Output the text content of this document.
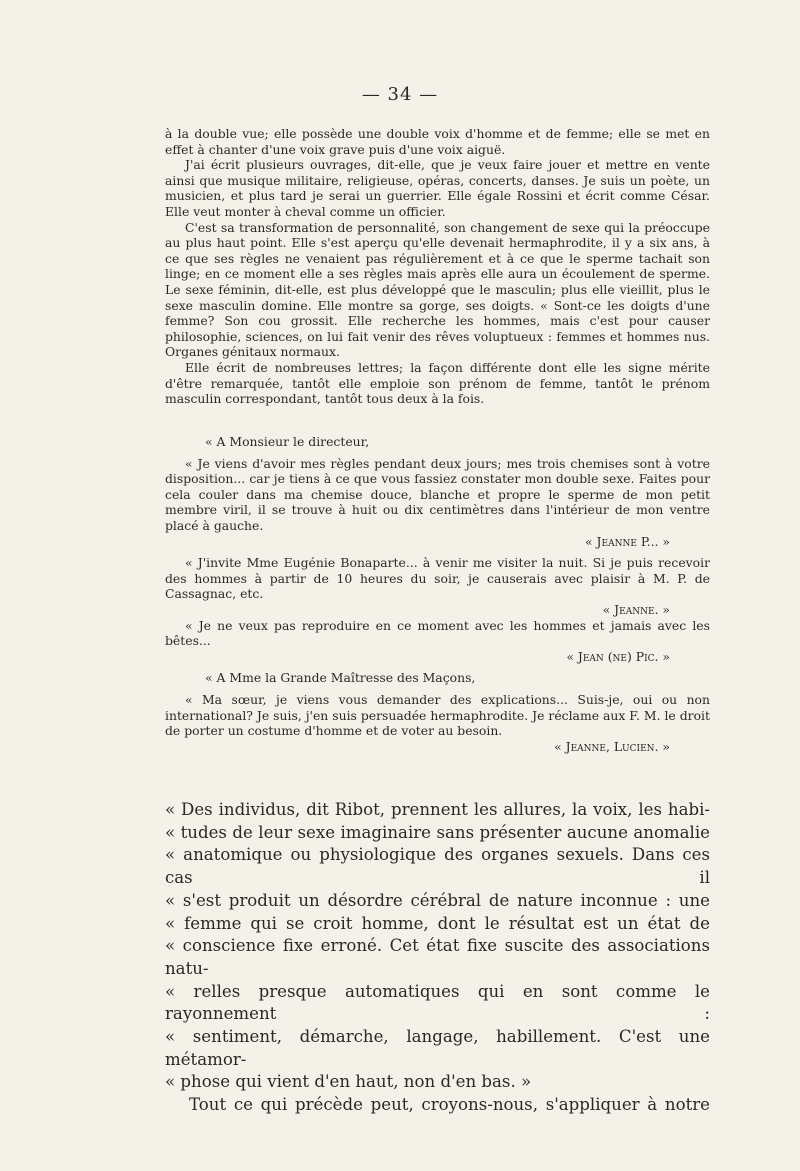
— 34 —

à la double vue; elle possède une double voix d'homme et de femme; elle se met en effet à chanter d'une voix grave puis d'une voix aiguë.

J'ai écrit plusieurs ouvrages, dit-elle, que je veux faire jouer et mettre en vente ainsi que musique militaire, religieuse, opéras, concerts, danses. Je suis un poète, un musicien, et plus tard je serai un guerrier. Elle égale Rossini et écrit comme César. Elle veut monter à cheval comme un officier.

C'est sa transformation de personnalité, son changement de sexe qui la préoccupe au plus haut point. Elle s'est aperçu qu'elle devenait hermaphrodite, il y a six ans, à ce que ses règles ne venaient pas régulièrement et à ce que le sperme tachait son linge; en ce moment elle a ses règles mais après elle aura un écoulement de sperme. Le sexe féminin, dit-elle, est plus développé que le masculin; plus elle vieillit, plus le sexe masculin domine. Elle montre sa gorge, ses doigts. « Sont-ce les doigts d'une femme? Son cou grossit. Elle recherche les hommes, mais c'est pour causer philosophie, sciences, on lui fait venir des rêves voluptueux : femmes et hommes nus. Organes génitaux normaux.

Elle écrit de nombreuses lettres; la façon différente dont elle les signe mérite d'être remarquée, tantôt elle emploie son prénom de femme, tantôt le prénom masculin correspondant, tantôt tous deux à la fois.

« A Monsieur le directeur,

« Je viens d'avoir mes règles pendant deux jours; mes trois chemises sont à votre disposition... car je tiens à ce que vous fassiez constater mon double sexe. Faites pour cela couler dans ma chemise douce, blanche et propre le sperme de mon petit membre viril, il se trouve à huit ou dix centimètres dans l'intérieur de mon ventre placé à gauche.

« Jeanne P... »

« J'invite Mme Eugénie Bonaparte... à venir me visiter la nuit. Si je puis recevoir des hommes à partir de 10 heures du soir, je causerais avec plaisir à M. P. de Cassagnac, etc.

« Jeanne. »

« Je ne veux pas reproduire en ce moment avec les hommes et jamais avec les bêtes...

« Jean (ne) Pic. »

« A Mme la Grande Maîtresse des Maçons,

« Ma sœur, je viens vous demander des explications... Suis-je, oui ou non international? Je suis, j'en suis persuadée hermaphrodite. Je réclame aux F. M. le droit de porter un costume d'homme et de voter au besoin.

« Jeanne, Lucien. »

« Des individus, dit Ribot, prennent les allures, la voix, les habi-

« tudes de leur sexe imaginaire sans présenter aucune anomalie

« anatomique ou physiologique des organes sexuels. Dans ces cas il

« s'est produit un désordre cérébral de nature inconnue : une

« femme qui se croit homme, dont le résultat est un état de

« conscience fixe erroné. Cet état fixe suscite des associations natu-

« relles presque automatiques qui en sont comme le rayonnement :

« sentiment, démarche, langage, habillement. C'est une métamor-

« phose qui vient d'en haut, non d'en bas. »

Tout ce qui précède peut, croyons-nous, s'appliquer à notre
